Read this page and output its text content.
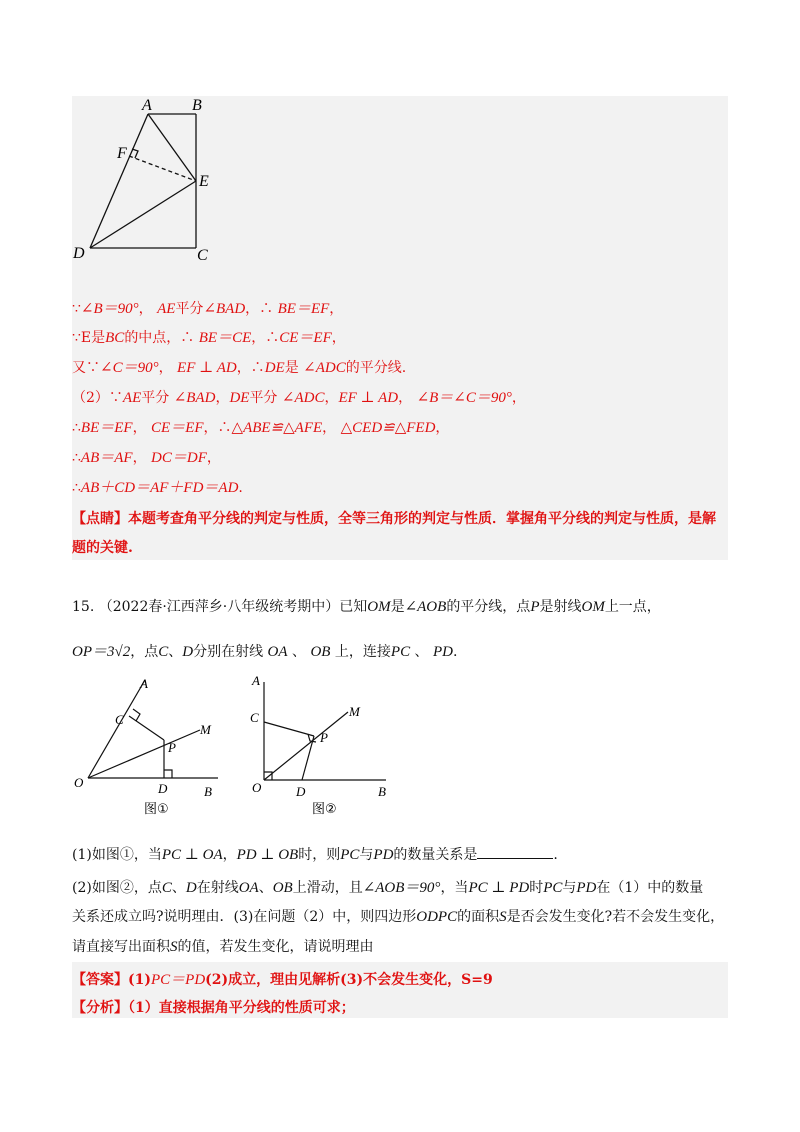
A	B
F
E
D	C
∵∠B＝90°， AE平分∠BAD，∴ BE＝EF，
∵E是BC的中点，∴ BE＝CE，∴CE＝EF，
又∵∠C＝90°， EF ⊥ AD，∴DE是 ∠ADC的平分线.
（2）∵AE平分 ∠BAD，DE平分 ∠ADC，EF ⊥ AD， ∠B＝∠C＝90°，
∴BE＝EF， CE＝EF，∴△ABE≌△AFE， △CED≌△FED，
∴AB＝AF， DC＝DF，
∴AB＋CD＝AF＋FD＝AD.
【点睛】本题考查角平分线的判定与性质，全等三角形的判定与性质．掌握角平分线的判定与性质，是解
题的关键.
15. （2022春·江西萍乡·八年级统考期中）已知OM是∠AOB的平分线，点P是射线OM上一点，
OP＝3√2，点C、D分别在射线 OA 、 OB 上，连接PC 、 PD.
A
C
M
P
O	D	B
图①
A
M
C
P
O	D	B
图②
(1)如图①，当PC ⊥ OA，PD ⊥ OB时，则PC与PD的数量关系是	.
(2)如图②，点C、D在射线OA、OB上滑动，且∠AOB＝90°，当PC ⊥ PD时PC与PD在（1）中的数量
关系还成立吗?说明理由．(3)在问题（2）中，则四边形ODPC的面积S是否会发生变化?若不会发生变化，
请直接写出面积S的值，若发生变化，请说明理由
【答案】(1)PC＝PD(2)成立，理由见解析(3)不会发生变化，S=9
【分析】（1）直接根据角平分线的性质可求；
